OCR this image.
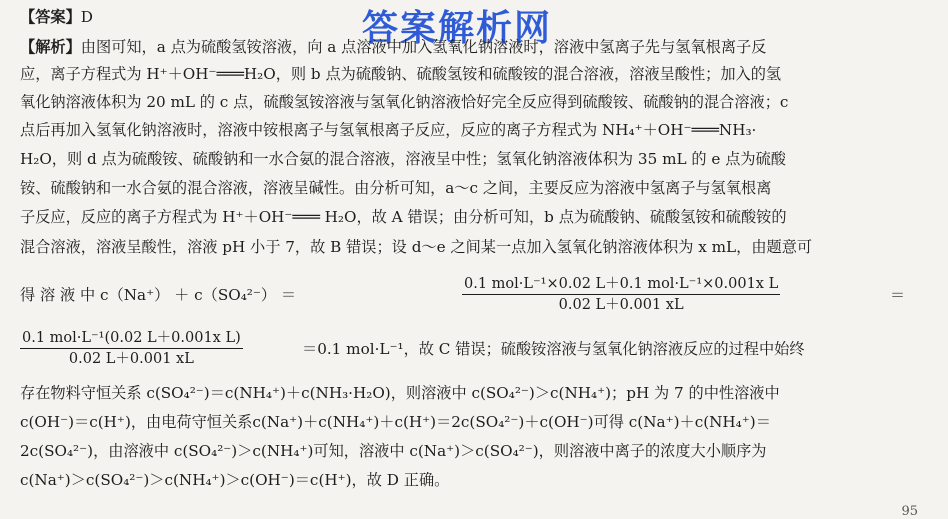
答案解析网
【答案】D
【解析】由图可知，a 点为硫酸氢铵溶液，向 a 点溶液中加入氢氧化钠溶液时，溶液中氢离子先与氢氧根离子反
应，离子方程式为 H⁺＋OH⁻═══H₂O，则 b 点为硫酸钠、硫酸氢铵和硫酸铵的混合溶液，溶液呈酸性；加入的氢
氧化钠溶液体积为 20 mL 的 c 点，硫酸氢铵溶液与氢氧化钠溶液恰好完全反应得到硫酸铵、硫酸钠的混合溶液；c
点后再加入氢氧化钠溶液时，溶液中铵根离子与氢氧根离子反应，反应的离子方程式为 NH₄⁺＋OH⁻═══NH₃·
H₂O，则 d 点为硫酸铵、硫酸钠和一水合氨的混合溶液，溶液呈中性；氢氧化钠溶液体积为 35 mL 的 e 点为硫酸
铵、硫酸钠和一水合氨的混合溶液，溶液呈碱性。由分析可知，a～c 之间，主要反应为溶液中氢离子与氢氧根离
子反应，反应的离子方程式为 H⁺＋OH⁻═══ H₂O，故 A 错误；由分析可知，b 点为硫酸钠、硫酸氢铵和硫酸铵的
混合溶液，溶液呈酸性，溶液 pH 小于 7，故 B 错误；设 d～e 之间某一点加入氢氧化钠溶液体积为 x mL，由题意可
得 溶 液 中 c（Na⁺） ＋ c（SO₄²⁻） ＝
0.1 mol·L⁻¹×0.02 L＋0.1 mol·L⁻¹×0.001x L
0.02 L＋0.001 xL
＝
0.1 mol·L⁻¹(0.02 L＋0.001x L)
0.02 L＋0.001 xL
＝0.1 mol·L⁻¹，故 C 错误；硫酸铵溶液与氢氧化钠溶液反应的过程中始终
存在物料守恒关系 c(SO₄²⁻)＝c(NH₄⁺)＋c(NH₃·H₂O)，则溶液中 c(SO₄²⁻)＞c(NH₄⁺)；pH 为 7 的中性溶液中
c(OH⁻)＝c(H⁺)，由电荷守恒关系c(Na⁺)＋c(NH₄⁺)＋c(H⁺)＝2c(SO₄²⁻)＋c(OH⁻)可得 c(Na⁺)＋c(NH₄⁺)＝
2c(SO₄²⁻)，由溶液中 c(SO₄²⁻)＞c(NH₄⁺)可知，溶液中 c(Na⁺)＞c(SO₄²⁻)，则溶液中离子的浓度大小顺序为
c(Na⁺)＞c(SO₄²⁻)＞c(NH₄⁺)＞c(OH⁻)＝c(H⁺)，故 D 正确。
95
